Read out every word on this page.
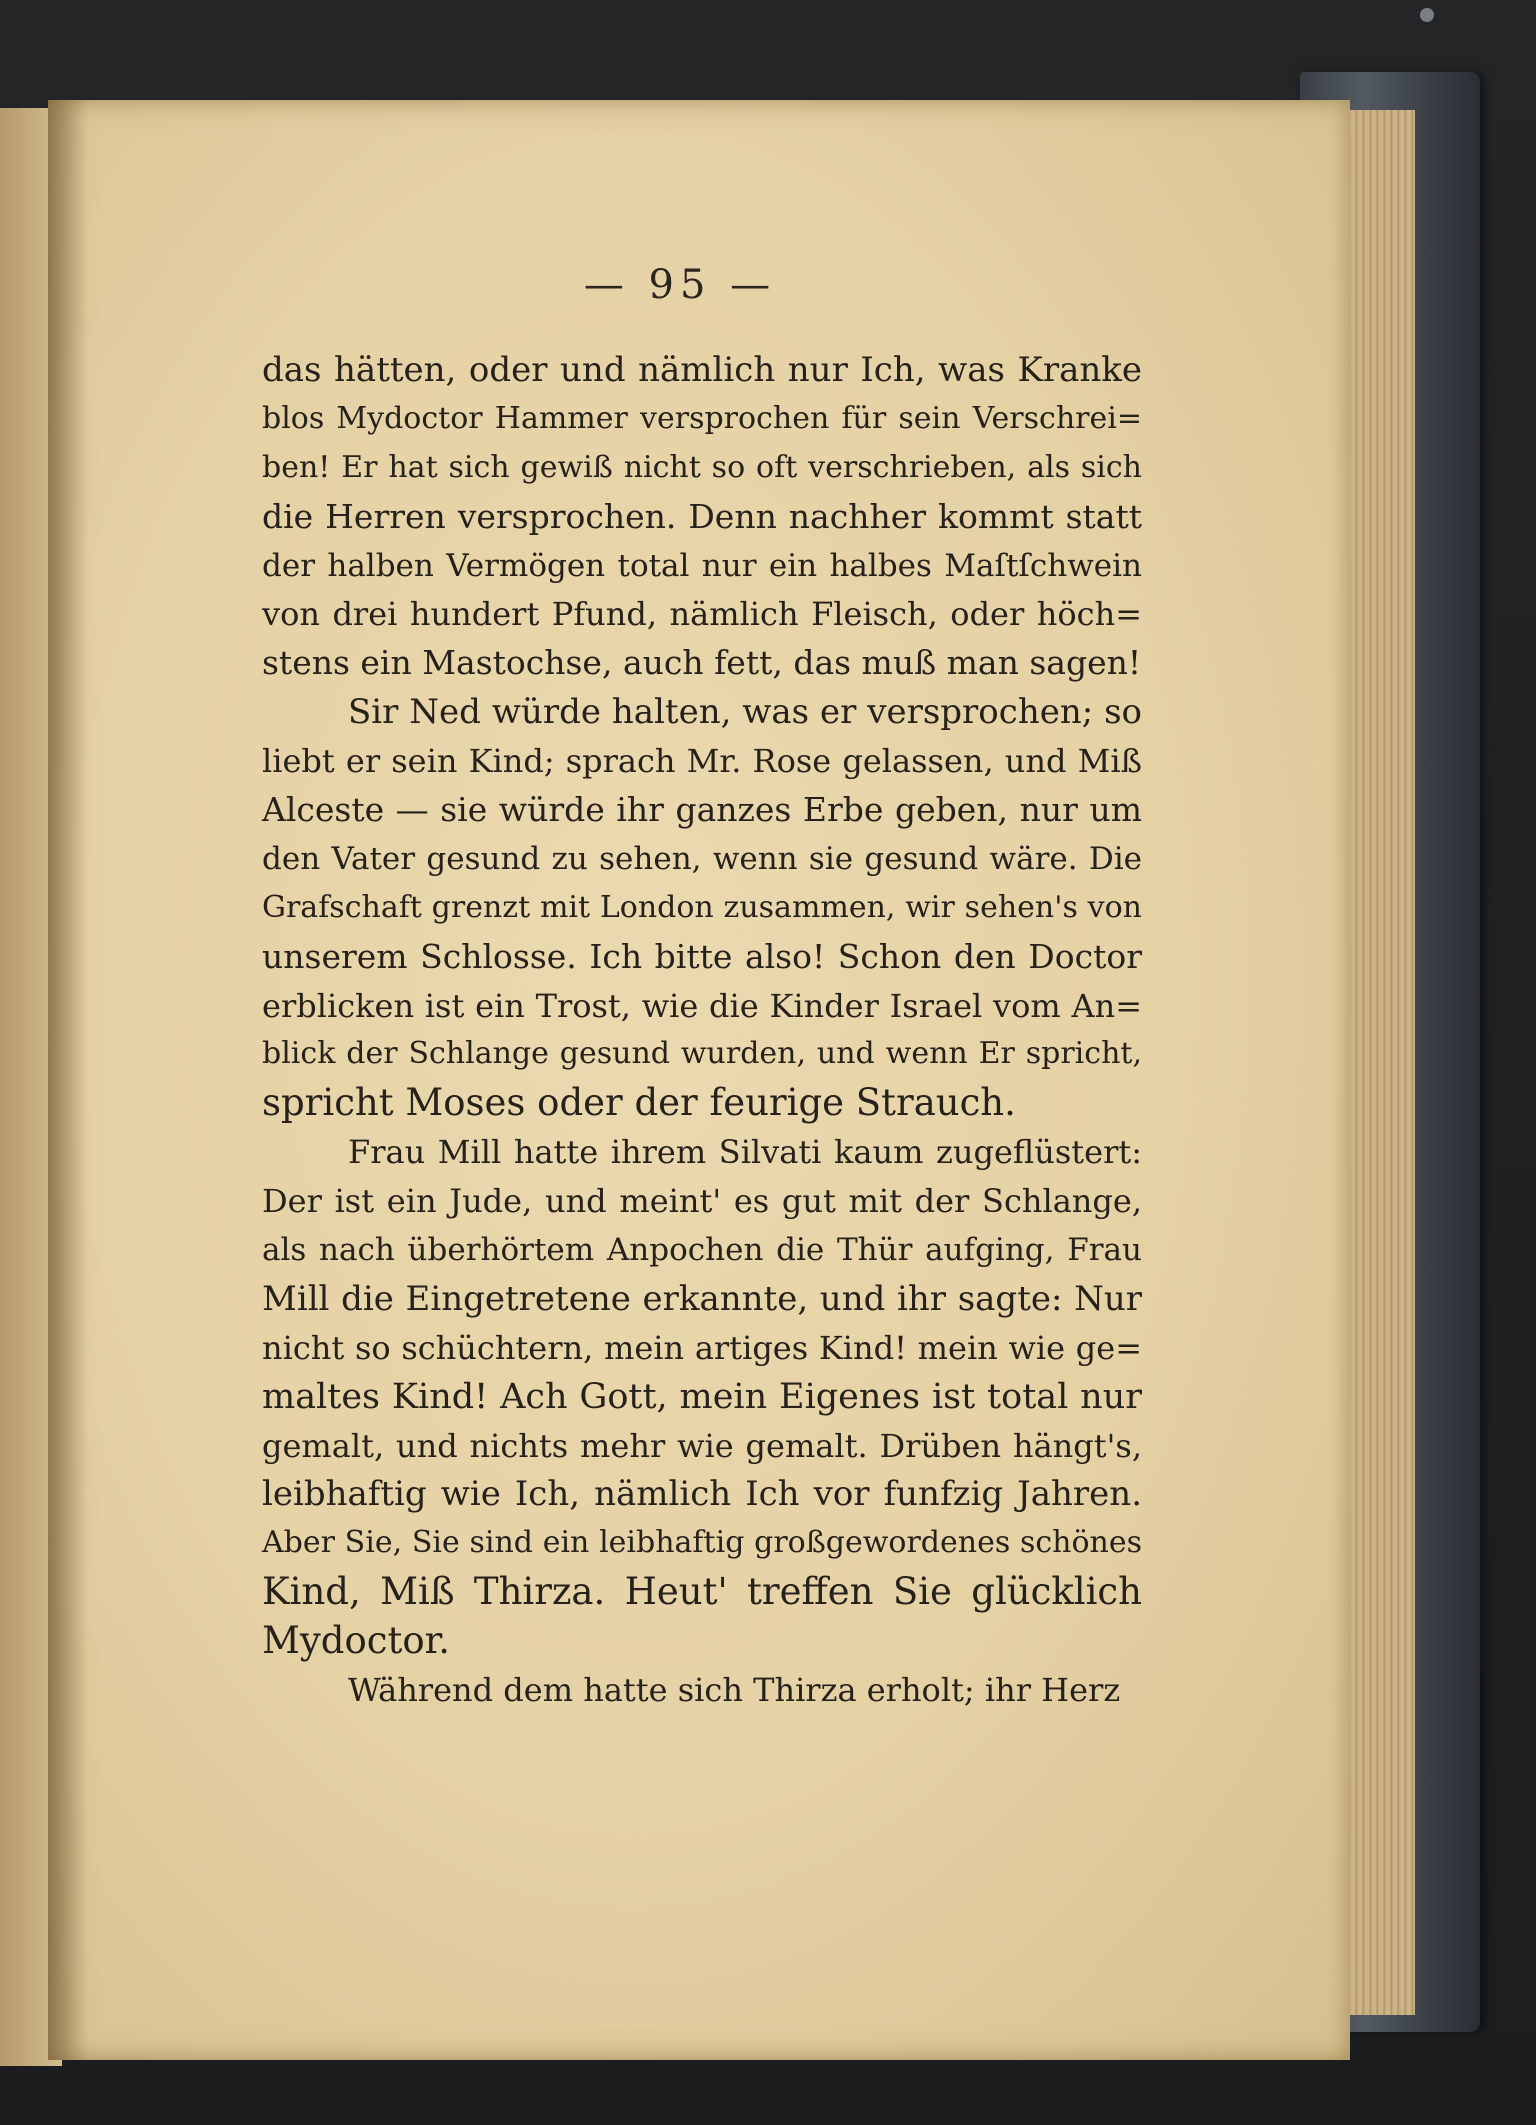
— 95 —
das hätten, oder und nämlich nur Ich, was Kranke
blos Mydoctor Hammer versprochen für sein Verschrei=
ben! Er hat sich gewiß nicht so oft verschrieben, als sich
die Herren versprochen. Denn nachher kommt statt
der halben Vermögen total nur ein halbes Maſtſchwein
von drei hundert Pfund, nämlich Fleisch, oder höch=
stens ein Mastochse, auch fett, das muß man sagen!
Sir Ned würde halten, was er versprochen; so
liebt er sein Kind; sprach Mr. Rose gelassen, und Miß
Alceste — sie würde ihr ganzes Erbe geben, nur um
den Vater gesund zu sehen, wenn sie gesund wäre. Die
Grafschaft grenzt mit London zusammen, wir sehen's von
unserem Schlosse. Ich bitte also! Schon den Doctor
erblicken ist ein Trost, wie die Kinder Israel vom An=
blick der Schlange gesund wurden, und wenn Er spricht,
spricht Moses oder der feurige Strauch.
Frau Mill hatte ihrem Silvati kaum zugeflüstert:
Der ist ein Jude, und meint' es gut mit der Schlange,
als nach überhörtem Anpochen die Thür aufging, Frau
Mill die Eingetretene erkannte, und ihr sagte: Nur
nicht so schüchtern, mein artiges Kind! mein wie ge=
maltes Kind! Ach Gott, mein Eigenes ist total nur
gemalt, und nichts mehr wie gemalt. Drüben hängt's,
leibhaftig wie Ich, nämlich Ich vor funfzig Jahren.
Aber Sie, Sie sind ein leibhaftig großgewordenes schönes
Kind, Miß Thirza. Heut' treffen Sie glücklich
Mydoctor.
Während dem hatte sich Thirza erholt; ihr Herz
